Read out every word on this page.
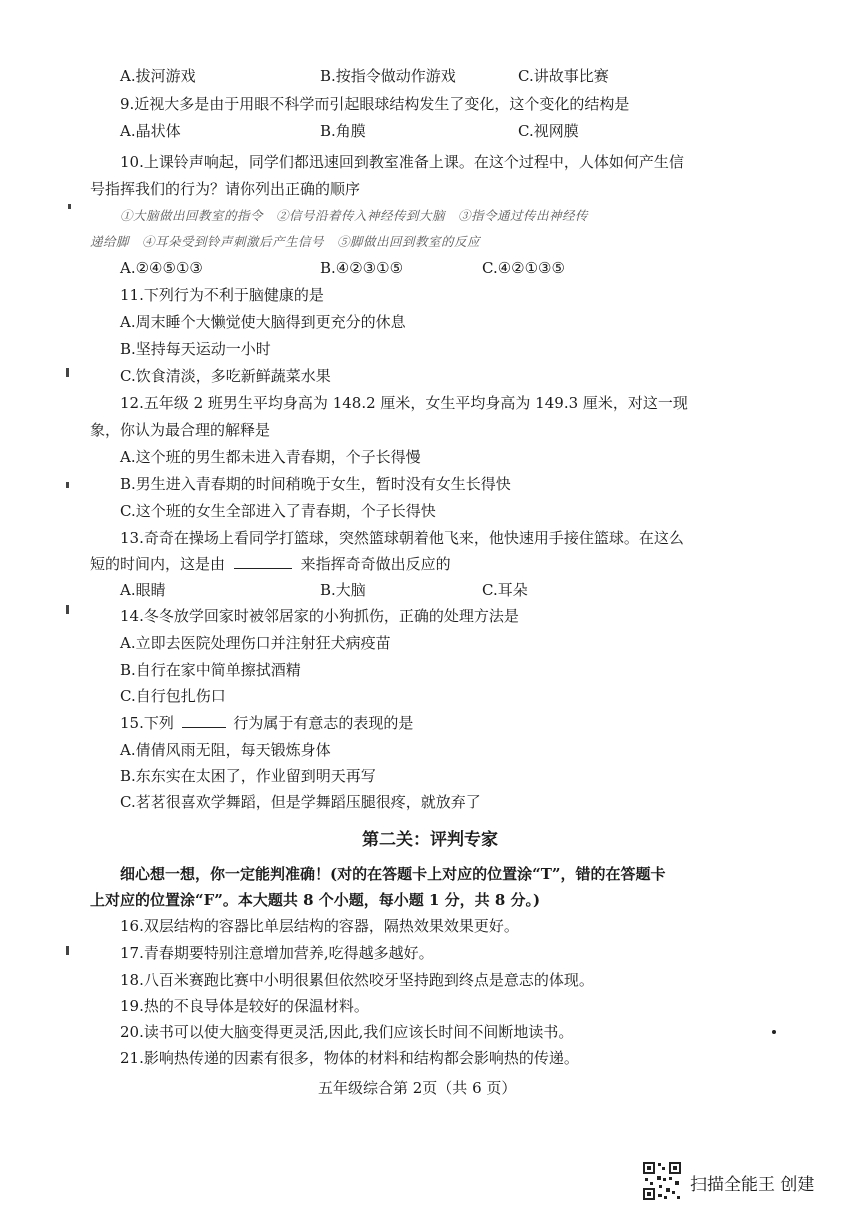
A.拔河游戏	B.按指令做动作游戏	C.讲故事比赛
9.近视大多是由于用眼不科学而引起眼球结构发生了变化，这个变化的结构是
A.晶状体	B.角膜	C.视网膜
10.上课铃声响起，同学们都迅速回到教室准备上课。在这个过程中，人体如何产生信
号指挥我们的行为？请你列出正确的顺序
①大脑做出回教室的指令　②信号沿着传入神经传到大脑　③指令通过传出神经传
递给脚　④耳朵受到铃声刺激后产生信号　⑤脚做出回到教室的反应
A.②④⑤①③	B.④②③①⑤	C.④②①③⑤
11.下列行为不利于脑健康的是
A.周末睡个大懒觉使大脑得到更充分的休息
B.坚持每天运动一小时
C.饮食清淡，多吃新鲜蔬菜水果
12.五年级 2 班男生平均身高为 148.2 厘米，女生平均身高为 149.3 厘米，对这一现
象，你认为最合理的解释是
A.这个班的男生都未进入青春期，个子长得慢
B.男生进入青春期的时间稍晚于女生，暂时没有女生长得快
C.这个班的女生全部进入了青春期，个子长得快
13.奇奇在操场上看同学打篮球，突然篮球朝着他飞来，他快速用手接住篮球。在这么
短的时间内，这是由	来指挥奇奇做出反应的
A.眼睛	B.大脑	C.耳朵
14.冬冬放学回家时被邻居家的小狗抓伤，正确的处理方法是
A.立即去医院处理伤口并注射狂犬病疫苗
B.自行在家中简单擦拭酒精
C.自行包扎伤口
15.下列	行为属于有意志的表现的是
A.倩倩风雨无阻，每天锻炼身体
B.东东实在太困了，作业留到明天再写
C.茗茗很喜欢学舞蹈，但是学舞蹈压腿很疼，就放弃了
第二关：评判专家
细心想一想，你一定能判准确！(对的在答题卡上对应的位置涂“T”，错的在答题卡
上对应的位置涂“F”。本大题共 8 个小题，每小题 1 分，共 8 分。)
16.双层结构的容器比单层结构的容器，隔热效果效果更好。
17.青春期要特别注意增加营养,吃得越多越好。
18.八百米赛跑比赛中小明很累但依然咬牙坚持跑到终点是意志的体现。
19.热的不良导体是较好的保温材料。
20.读书可以使大脑变得更灵活,因此,我们应该长时间不间断地读书。
21.影响热传递的因素有很多，物体的材料和结构都会影响热的传递。
五年级综合第 2页（共 6 页）
扫描全能王 创建
